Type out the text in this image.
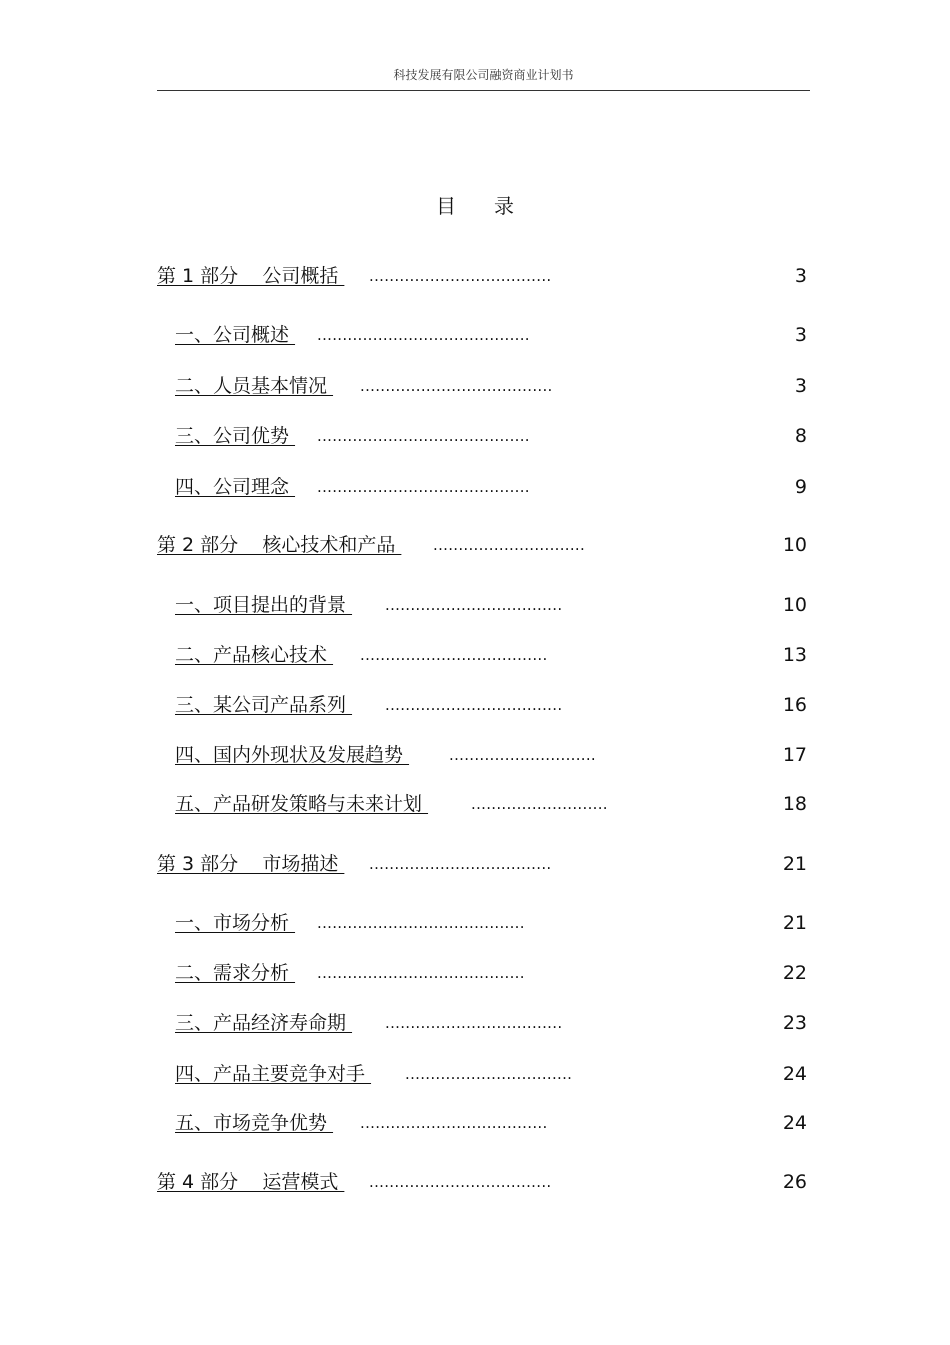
科技发展有限公司融资商业计划书
目录
第 1 部分    公司概括 ....................................	3
一、公司概述 ..........................................	3
二、人员基本情况 ......................................	3
三、公司优势 ..........................................	8
四、公司理念 ..........................................	9
第 2 部分    核心技术和产品 ..............................	10
一、项目提出的背景 ...................................	10
二、产品核心技术 .....................................	13
三、某公司产品系列 ...................................	16
四、国内外现状及发展趋势	.............................	17
五、产品研发策略与未来计划	...........................	18
第 3 部分    市场描述 ....................................	21
一、市场分析 .........................................	21
二、需求分析 .........................................	22
三、产品经济寿命期 ...................................	23
四、产品主要竞争对手 .................................	24
五、市场竞争优势 .....................................	24
第 4 部分    运营模式 ....................................	26
